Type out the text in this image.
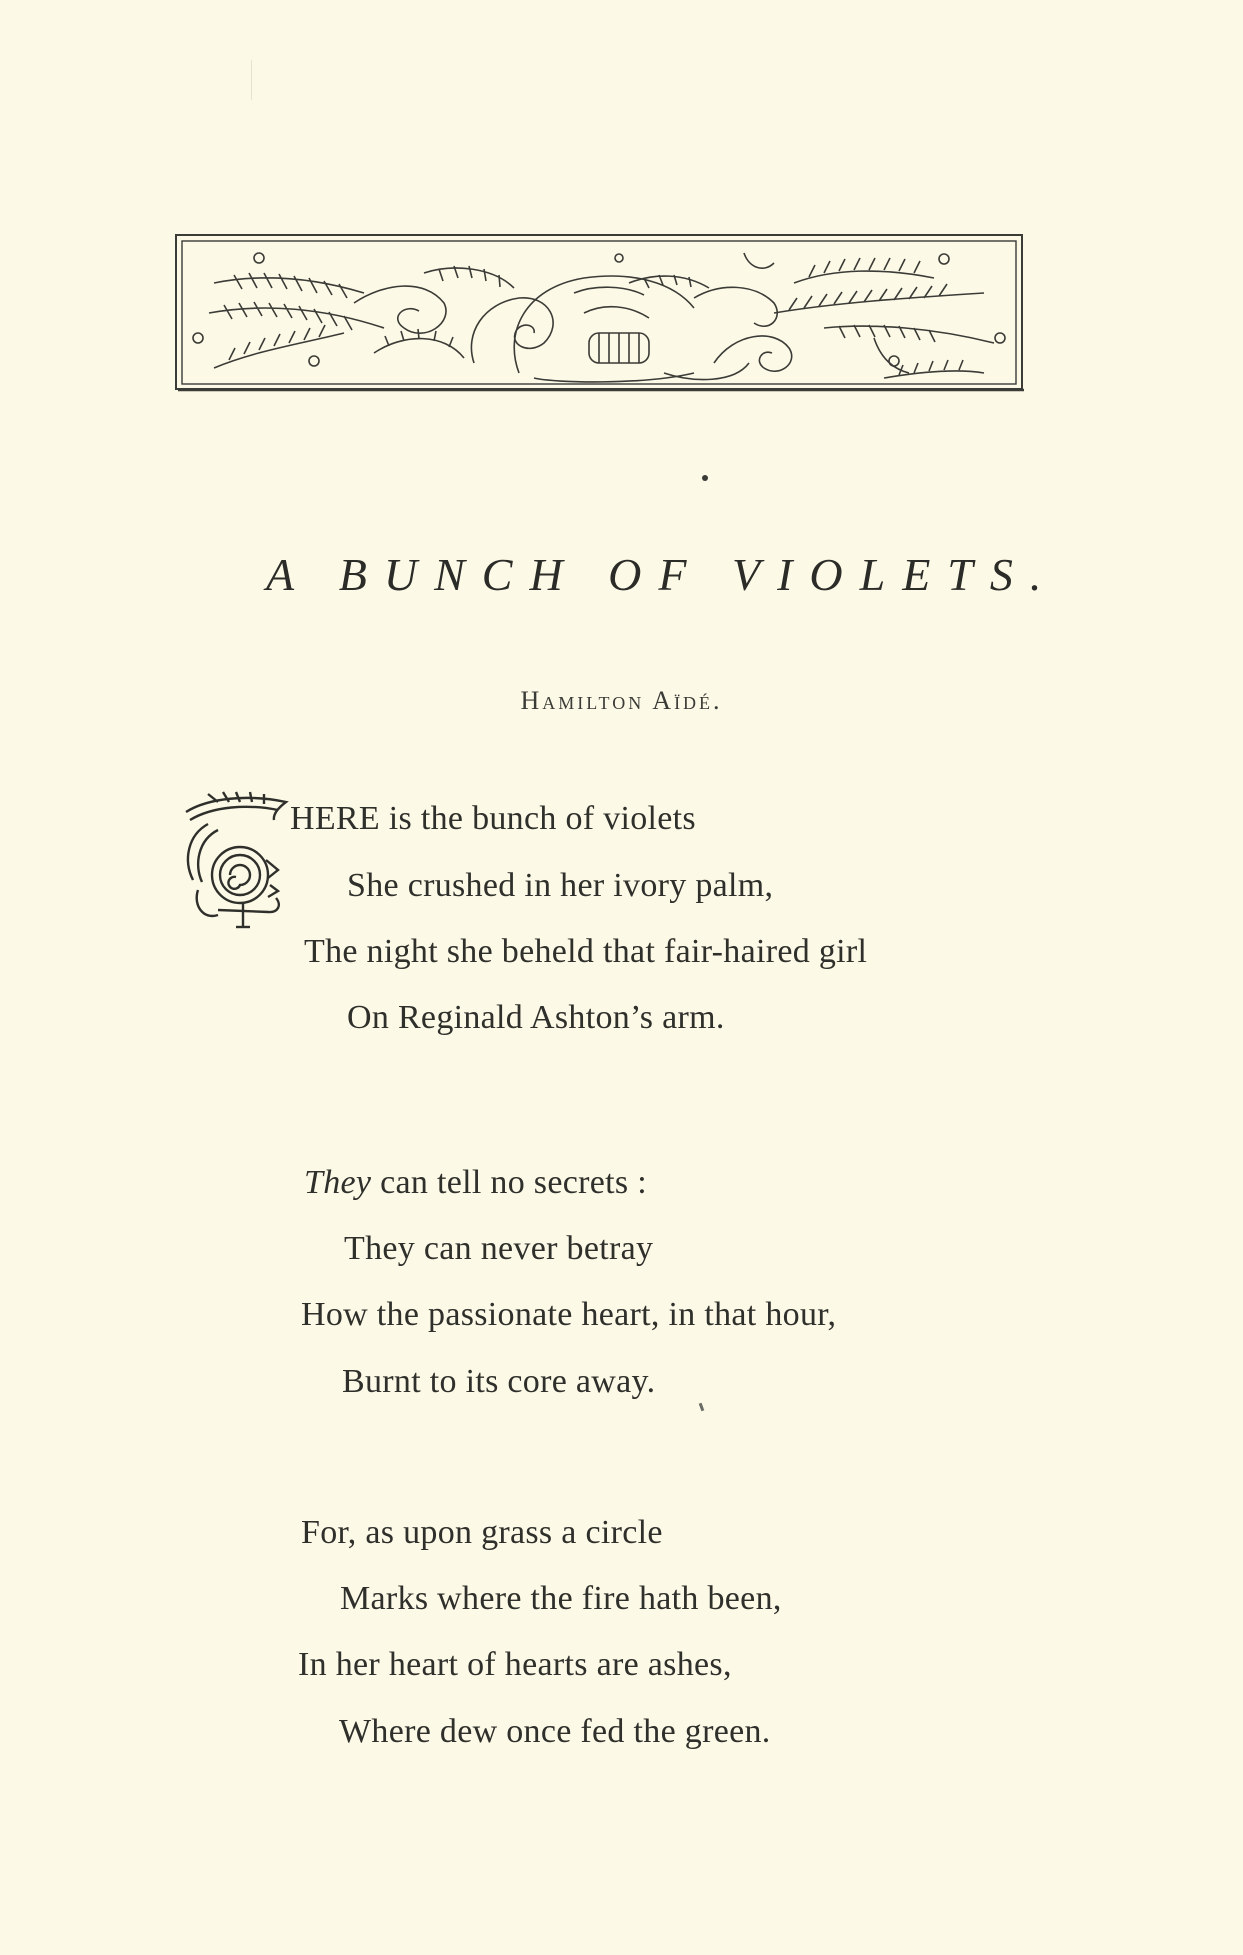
A BUNCH OF VIOLETS.
Hamilton Aïdé.
HERE is the bunch of violets
She crushed in her ivory palm,
The night she beheld that fair-haired girl
On Reginald Ashton’s arm.
They can tell no secrets :
They can never betray
How the passionate heart, in that hour,
Burnt to its core away.
For, as upon grass a circle
Marks where the fire hath been,
In her heart of hearts are ashes,
Where dew once fed the green.
